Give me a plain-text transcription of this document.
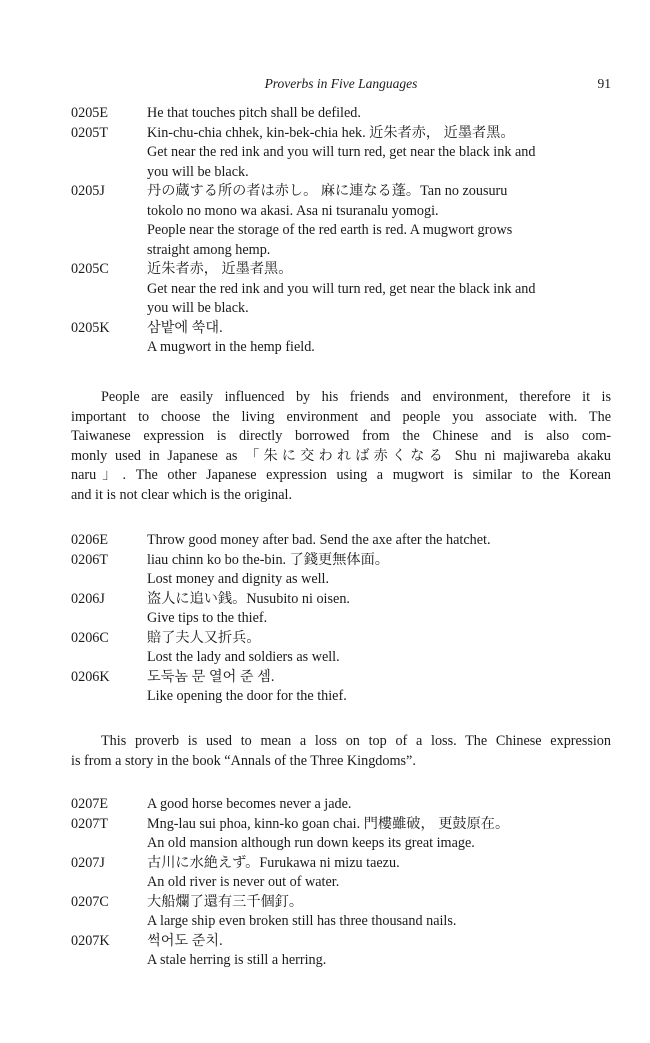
Proverbs in Five Languages	91
0205E	He that touches pitch shall be defiled.
0205T	Kin-chu-chia chhek, kin-bek-chia hek. 近朱者赤， 近墨者黑。
Get near the red ink and you will turn red, get near the black ink and
you will be black.
0205J	丹の蔵する所の者は赤し。 麻に連なる蓬。Tan no zousuru
tokolo no mono wa akasi. Asa ni tsuranalu yomogi.
People near the storage of the red earth is red. A mugwort grows
straight among hemp.
0205C	近朱者赤， 近墨者黑。
Get near the red ink and you will turn red, get near the black ink and
you will be black.
0205K	삼밭에 쑥대.
A mugwort in the hemp field.
People are easily influenced by his friends and environment, therefore it is
important to choose the living environment and people you associate with. The
Taiwanese expression is directly borrowed from the Chinese and is also com-
monly used in Japanese as 「朱に交われば赤くなる Shu ni majiwareba akaku
naru」. The other Japanese expression using a mugwort is similar to the Korean
and it is not clear which is the original.
0206E	Throw good money after bad. Send the axe after the hatchet.
0206T	liau chinn ko bo the-bin. 了錢更無体面。
Lost money and dignity as well.
0206J	盗人に追い銭。Nusubito ni oisen.
Give tips to the thief.
0206C	賠了夫人又折兵。
Lost the lady and soldiers as well.
0206K	도둑놈 문 열어 준 셈.
Like opening the door for the thief.
This proverb is used to mean a loss on top of a loss. The Chinese expression
is from a story in the book “Annals of the Three Kingdoms”.
0207E	A good horse becomes never a jade.
0207T	Mng-lau sui phoa, kinn-ko goan chai. 門樓雖破， 更鼓原在。
An old mansion although run down keeps its great image.
0207J	古川に水絶えず。Furukawa ni mizu taezu.
An old river is never out of water.
0207C	大船爛了還有三千個釘。
A large ship even broken still has three thousand nails.
0207K	썩어도 준치.
A stale herring is still a herring.
